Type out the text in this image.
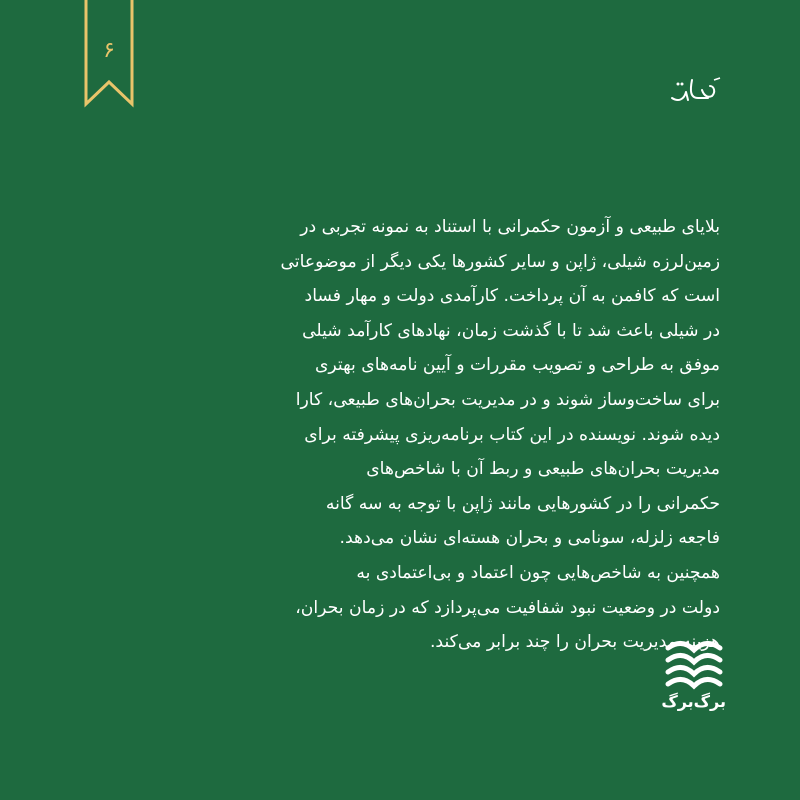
۶
بلایای طبیعی و آزمون حکمرانی با استناد به نمونه تجربی در
زمین‌لرزه شیلی، ژاپن و سایر کشورها یکی دیگر از موضوعاتی
است که کافمن به آن پرداخت. کارآمدی دولت و مهار فساد
در شیلی باعث شد تا با گذشت زمان، نهادهای کارآمد شیلی
موفق به طراحی و تصویب مقررات و آیین نامه‌های بهتری
برای ساخت‌وساز شوند و در مدیریت بحران‌های طبیعی، کارا
دیده شوند. نویسنده در این کتاب برنامه‌ریزی پیشرفته برای
مدیریت بحران‌های طبیعی و ربط آن با شاخص‌های
حکمرانی را در کشورهایی مانند ژاپن با توجه به سه گانه
فاجعه زلزله، سونامی و بحران هسته‌ای نشان می‌دهد.
همچنین به شاخص‌هایی چون اعتماد و بی‌اعتمادی به
دولت در وضعیت نبود شفافیت می‌پردازد که در زمان بحران،
هزینه مدیریت بحران را چند برابر می‌کند.
برگ‌برگ
